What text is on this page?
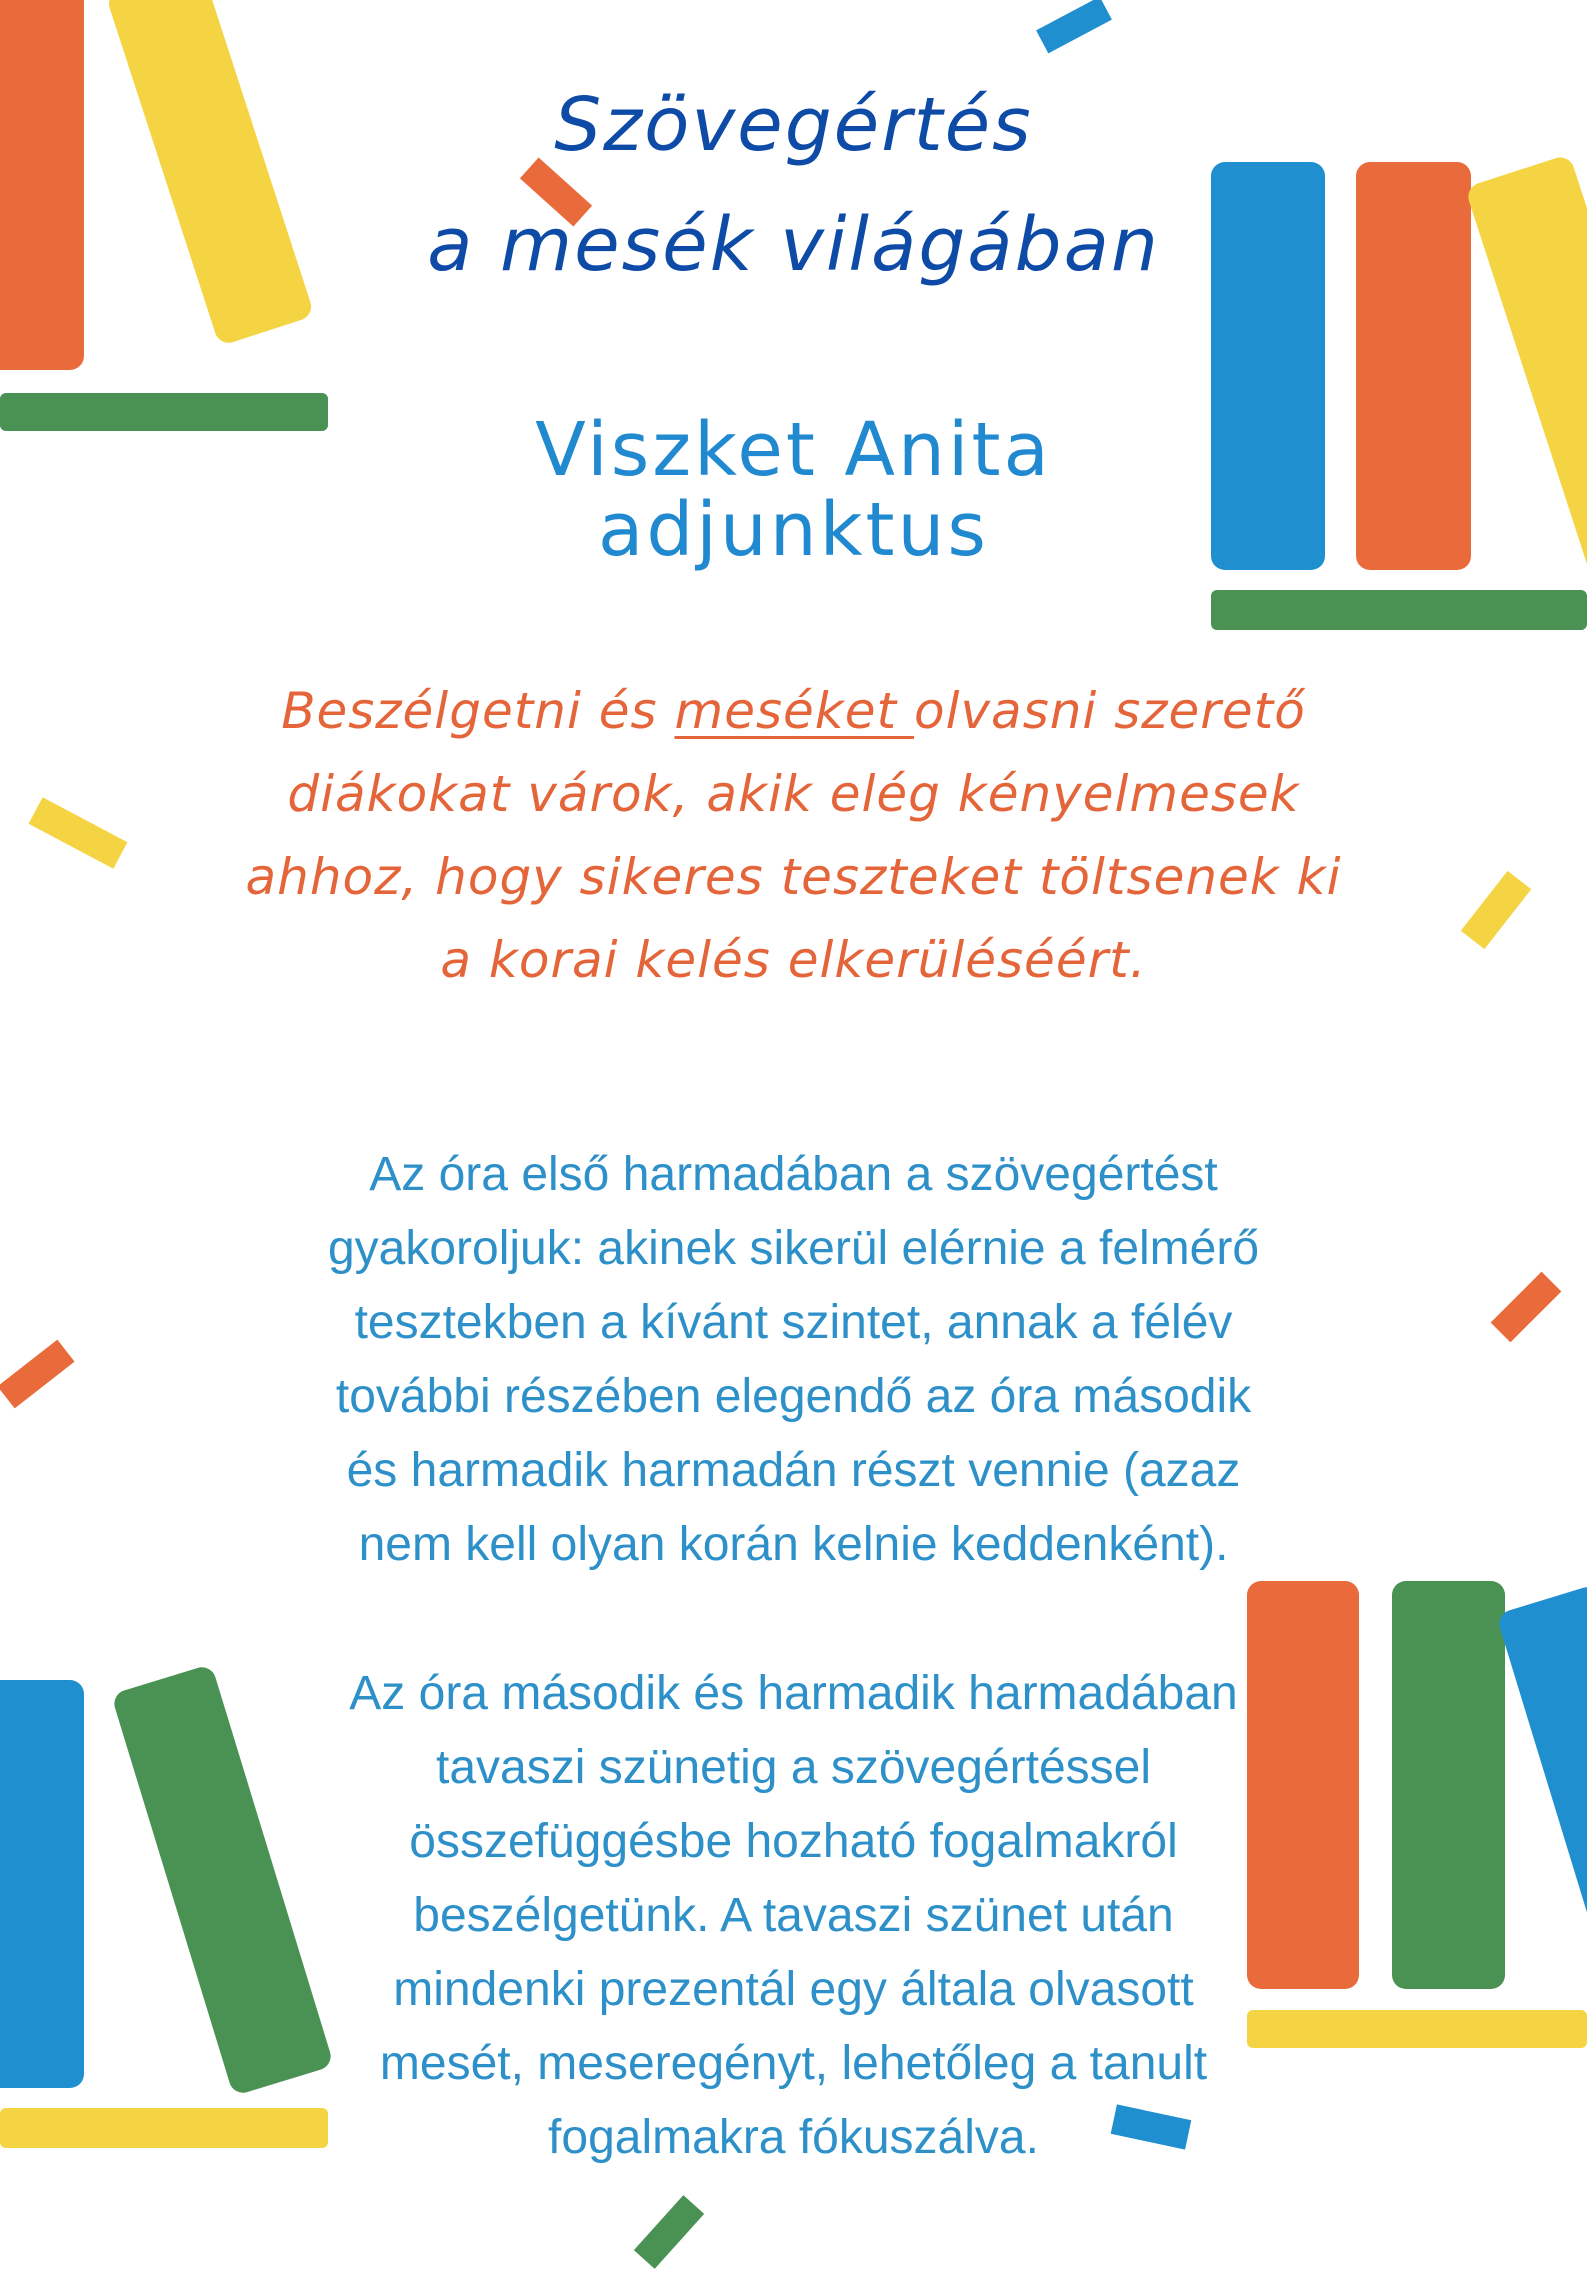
Szövegértés
a mesék világában
Viszket Anita
adjunktus
Beszélgetni és meséket olvasni szerető
diákokat várok, akik elég kényelmesek
ahhoz, hogy sikeres teszteket töltsenek ki
a korai kelés elkerüléséért.
Az óra első harmadában a szövegértést
gyakoroljuk: akinek sikerül elérnie a felmérő
tesztekben a kívánt szintet, annak a félév
további részében elegendő az óra második
és harmadik harmadán részt vennie (azaz
nem kell olyan korán kelnie keddenként).
Az óra második és harmadik harmadában
tavaszi szünetig a szövegértéssel
összefüggésbe hozható fogalmakról
beszélgetünk. A tavaszi szünet után
mindenki prezentál egy általa olvasott
mesét, meseregényt, lehetőleg a tanult
fogalmakra fókuszálva.
